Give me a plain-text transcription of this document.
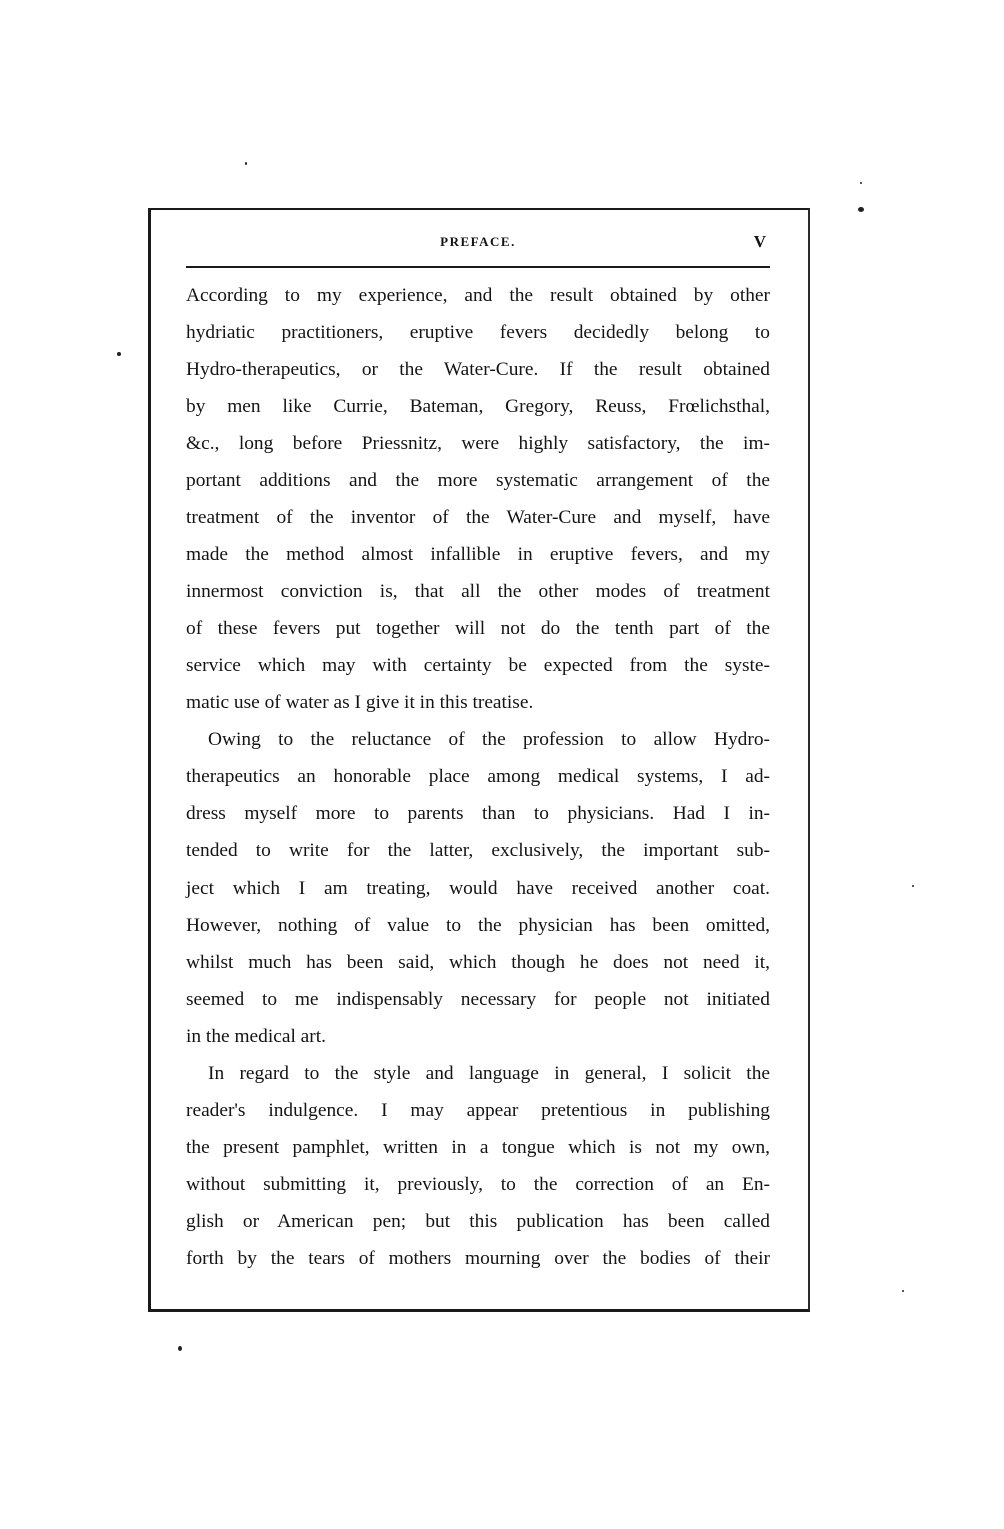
PREFACE.	V
According to my experience, and the result obtained by other
hydriatic practitioners, eruptive fevers decidedly belong to
Hydro-therapeutics, or the Water-Cure. If the result obtained
by men like Currie, Bateman, Gregory, Reuss, Frœlichsthal,
&c., long before Priessnitz, were highly satisfactory, the im-
portant additions and the more systematic arrangement of the
treatment of the inventor of the Water-Cure and myself, have
made the method almost infallible in eruptive fevers, and my
innermost conviction is, that all the other modes of treatment
of these fevers put together will not do the tenth part of the
service which may with certainty be expected from the syste-
matic use of water as I give it in this treatise.
Owing to the reluctance of the profession to allow Hydro-
therapeutics an honorable place among medical systems, I ad-
dress myself more to parents than to physicians. Had I in-
tended to write for the latter, exclusively, the important sub-
ject which I am treating, would have received another coat.
However, nothing of value to the physician has been omitted,
whilst much has been said, which though he does not need it,
seemed to me indispensably necessary for people not initiated
in the medical art.
In regard to the style and language in general, I solicit the
reader's indulgence. I may appear pretentious in publishing
the present pamphlet, written in a tongue which is not my own,
without submitting it, previously, to the correction of an En-
glish or American pen; but this publication has been called
forth by the tears of mothers mourning over the bodies of their
